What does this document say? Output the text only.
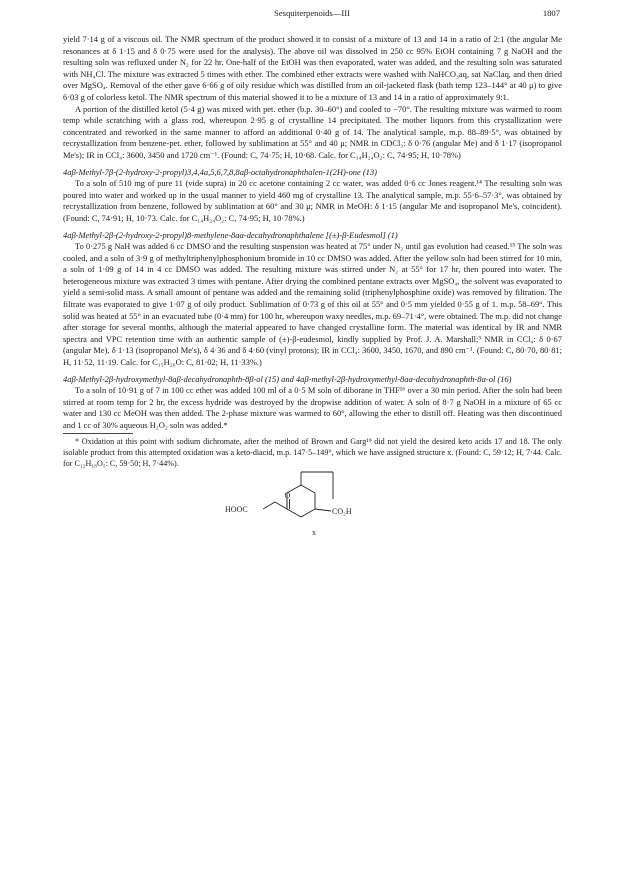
Sesquiterpenoids—III	1807

yield 7·14 g of a viscous oil. The NMR spectrum of the product showed it to consist of a mixture of 13 and 14 in a ratio of 2:1 (the angular Me resonances at δ 1·15 and δ 0·75 were used for the analysis). The above oil was dissolved in 250 cc 95% EtOH containing 7 g NaOH and the resulting soln was refluxed under N₂ for 22 hr. One-half of the EtOH was then evaporated, water was added, and the resulting soln was saturated with NH₄Cl. The mixture was extracted 5 times with ether. The combined ether extracts were washed with NaHCO₃aq, sat NaClaq, and then dried over MgSO₄. Removal of the ether gave 6·66 g of oily residue which was distilled from an oil-jacketed flask (bath temp 123–144° at 40 μ) to give 6·03 g of colorless ketol. The NMR spectrum of this material showed it to be a mixture of 13 and 14 in a ratio of approximately 9:1.

A portion of the distilled ketol (5·4 g) was mixed with pet. ether (b.p. 30–60°) and cooled to −70°. The resulting mixture was warmed to room temp while scratching with a glass rod, whereupon 2·95 g of crystalline 14 precipitated. The mother liquors from this crystallization were concentrated and reworked in the same manner to afford an additional 0·40 g of 14. The analytical sample, m.p. 88–89·5°, was obtained by recrystallization from benzene-pet. ether, followed by sublimation at 55° and 40 μ; NMR in CDCl₃: δ 0·76 (angular Me) and δ 1·17 (isopropanol Me's); IR in CCl₄: 3600, 3450 and 1720 cm⁻¹. (Found: C, 74·75; H, 10·68. Calc. for C₁₄H₂₄O₂: C, 74·95; H, 10·78%)

4aβ-Methyl-7β-(2-hydroxy-2-propyl)3,4,4a,5,6,7,8,8aβ-octahydronaphthalen-1(2H)-one (13)

To a soln of 510 mg of pure 11 (vide supra) in 20 cc acetone containing 2 cc water, was added 0·6 cc Jones reagent.¹⁴ The resulting soln was poured into water and worked up in the usual manner to yield 460 mg of crystalline 13. The analytical sample, m.p. 55·6–57·3°, was obtained by recrystallization from benzene, followed by sublimation at 60° and 30 μ; NMR in MeOH: δ 1·15 (angular Me and isopropanol Me's, coincident). (Found: C, 74·91; H, 10·73. Calc. for C₁₄H₂₄O₂: C, 74·95; H, 10·78%.)

4aβ-Methyl-2β-(2-hydroxy-2-propyl)8-methylene-8aα-decahydronaphthalene [(±)-β-Eudesmol] (1)

To 0·275 g NaH was added 6 cc DMSO and the resulting suspension was heated at 75° under N₂ until gas evolution had ceased.¹⁵ The soln was cooled, and a soln of 3·9 g of methyltriphenylphosphonium bromide in 10 cc DMSO was added. After the yellow soln had been stirred for 10 min, a soln of 1·09 g of 14 in 4 cc DMSO was added. The resulting mixture was stirred under N₂ at 55° for 17 hr, then poured into water. The heterogeneous mixture was extracted 3 times with pentane. After drying the combined pentane extracts over MgSO₄, the solvent was evaporated to yield a semi-solid mass. A small amount of pentane was added and the remaining solid (triphenylphosphine oxide) was removed by filtration. The filtrate was evaporated to give 1·07 g of oily product. Sublimation of 0·73 g of this oil at 55° and 0·5 mm yielded 0·55 g of 1. m.p. 58–69°. This solid was heated at 55° in an evacuated tube (0·4 mm) for 100 hr, whereupon waxy needles, m.p. 69–71·4°, were obtained. The m.p. did not change after storage for several months, although the material appeared to have changed crystalline form. The material was identical by IR and NMR spectra and VPC retention time with an authentic sample of (±)-β-eudesmol, kindly supplied by Prof. J. A. Marshall;³ NMR in CCl₄: δ 0·67 (angular Me), δ 1·13 (isopropanol Me's), δ 4·36 and δ 4·60 (vinyl protons); IR in CCl₄: 3600, 3450, 1670, and 890 cm⁻¹. (Found: C, 80·70, 80·81; H, 11·52, 11·19. Calc. for C₁₅H₂₆O: C, 81·02; H, 11·33%.)

4aβ-Methyl-2β-hydroxymethyl-8aβ-decahydronaphth-8β-ol (15) and 4aβ-methyl-2β-hydroxymethyl-8aα-decahydronaphth-8α-ol (16)

To a soln of 10·91 g of 7 in 100 cc ether was added 100 ml of a 0·5 M soln of diborane in THF¹⁶ over a 30 min period. After the soln had been stirred at room temp for 2 hr, the excess hydride was destroyed by the dropwise addition of water. A soln of 8·7 g NaOH in a mixture of 65 cc water and 130 cc MeOH was then added. The 2-phase mixture was warmed to 60°, allowing the ether to distill off. Heating was then discontinued and 1 cc of 30% aqueous H₂O₂ soln was added.*

* Oxidation at this point with sodium dichromate, after the method of Brown and Garg¹⁹ did not yield the desired keto acids 17 and 18. The only isolable product from this attempted oxidation was a keto-diacid, m.p. 147·5–149°, which we have assigned structure x. (Found: C, 59·12; H, 7·44. Calc. for C₁₂H₁₈O₅: C, 59·50; H, 7·44%).

HOOC
O
CO₂H
x
